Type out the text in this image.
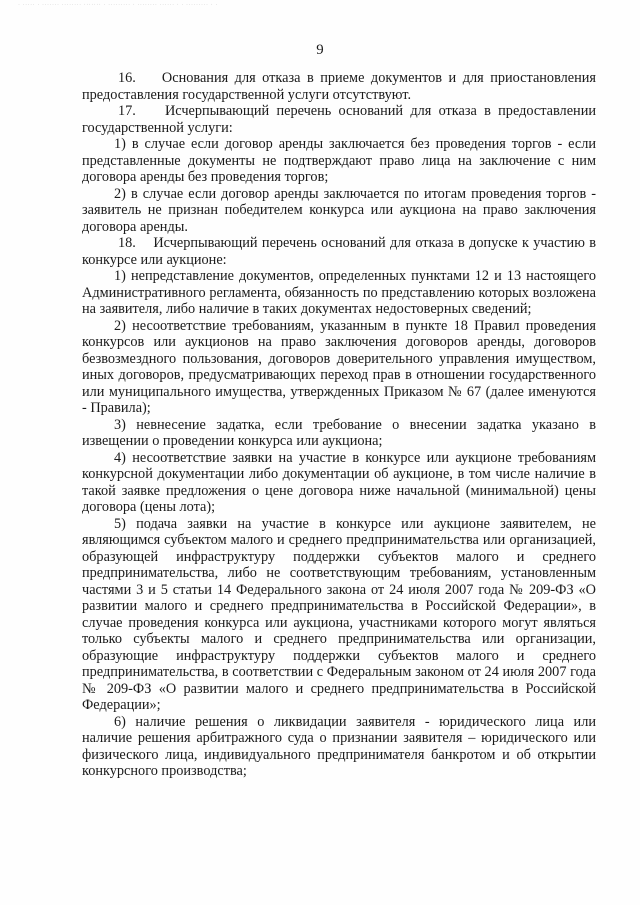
· ····· · ······· ········ ······· · ········· · ········ ······ · · ········· · ·
9

16. Основания для отказа в приеме документов и для приостановления предоставления государственной услуги отсутствуют.

17. Исчерпывающий перечень оснований для отказа в предоставлении государственной услуги:

1) в случае если договор аренды заключается без проведения торгов - если представленные документы не подтверждают право лица на заключение с ним договора аренды без проведения торгов;

2) в случае если договор аренды заключается по итогам проведения торгов - заявитель не признан победителем конкурса или аукциона на право заключения договора аренды.

18. Исчерпывающий перечень оснований для отказа в допуске к участию в конкурсе или аукционе:

1) непредставление документов, определенных пунктами 12 и 13 настоящего Административного регламента, обязанность по представлению которых возложена на заявителя, либо наличие в таких документах недостоверных сведений;

2) несоответствие требованиям, указанным в пункте 18 Правил проведения конкурсов или аукционов на право заключения договоров аренды, договоров безвозмездного пользования, договоров доверительного управления имуществом, иных договоров, предусматривающих переход прав в отношении государственного или муниципального имущества, утвержденных Приказом № 67 (далее именуются - Правила);

3) невнесение задатка, если требование о внесении задатка указано в извещении о проведении конкурса или аукциона;

4) несоответствие заявки на участие в конкурсе или аукционе требованиям конкурсной документации либо документации об аукционе, в том числе наличие в такой заявке предложения о цене договора ниже начальной (минимальной) цены договора (цены лота);

5) подача заявки на участие в конкурсе или аукционе заявителем, не являющимся субъектом малого и среднего предпринимательства или организацией, образующей инфраструктуру поддержки субъектов малого и среднего предпринимательства, либо не соответствующим требованиям, установленным частями 3 и 5 статьи 14 Федерального закона от 24 июля 2007 года № 209-ФЗ «О развитии малого и среднего предпринимательства в Российской Федерации», в случае проведения конкурса или аукциона, участниками которого могут являться только субъекты малого и среднего предпринимательства или организации, образующие инфраструктуру поддержки субъектов малого и среднего предпринимательства, в соответствии с Федеральным законом от 24 июля 2007 года № 209-ФЗ «О развитии малого и среднего предпринимательства в Российской Федерации»;

6) наличие решения о ликвидации заявителя - юридического лица или наличие решения арбитражного суда о признании заявителя – юридического или физического лица, индивидуального предпринимателя банкротом и об открытии конкурсного производства;
